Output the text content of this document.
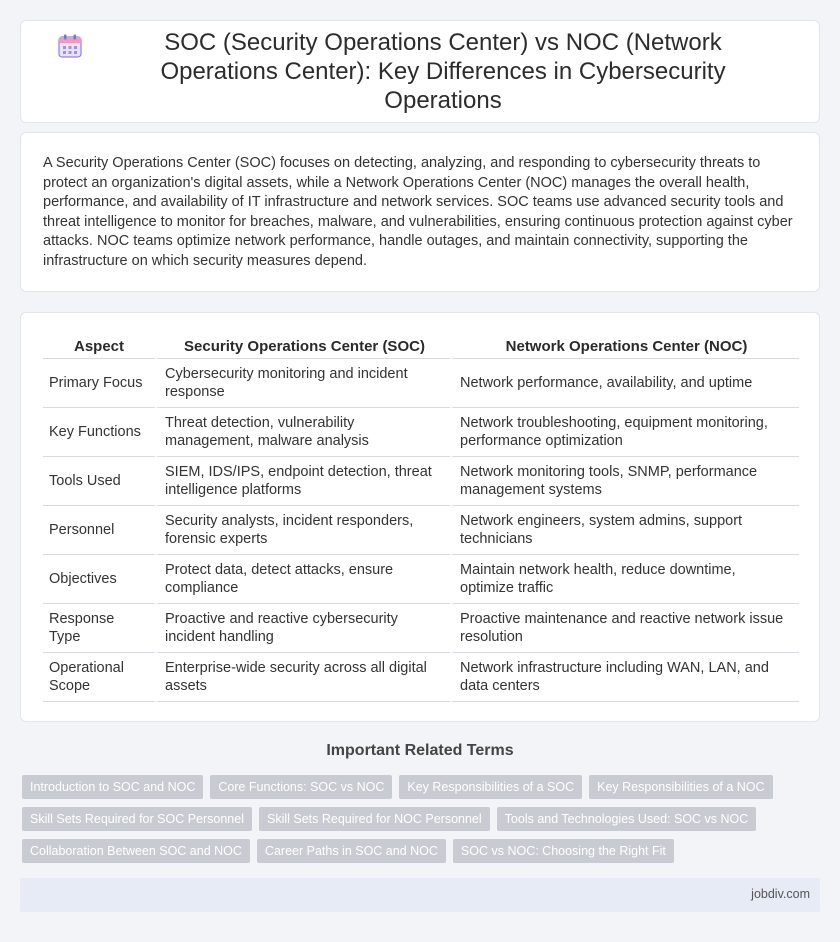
SOC (Security Operations Center) vs NOC (Network Operations Center): Key Differences in Cybersecurity Operations

A Security Operations Center (SOC) focuses on detecting, analyzing, and responding to cybersecurity threats to protect an organization's digital assets, while a Network Operations Center (NOC) manages the overall health, performance, and availability of IT infrastructure and network services. SOC teams use advanced security tools and threat intelligence to monitor for breaches, malware, and vulnerabilities, ensuring continuous protection against cyber attacks. NOC teams optimize network performance, handle outages, and maintain connectivity, supporting the infrastructure on which security measures depend.

Aspect	Security Operations Center (SOC)	Network Operations Center (NOC)
Primary Focus	Cybersecurity monitoring and incident response	Network performance, availability, and uptime
Key Functions	Threat detection, vulnerability management, malware analysis	Network troubleshooting, equipment monitoring, performance optimization
Tools Used	SIEM, IDS/IPS, endpoint detection, threat intelligence platforms	Network monitoring tools, SNMP, performance management systems
Personnel	Security analysts, incident responders, forensic experts	Network engineers, system admins, support technicians
Objectives	Protect data, detect attacks, ensure compliance	Maintain network health, reduce downtime, optimize traffic
Response Type	Proactive and reactive cybersecurity incident handling	Proactive maintenance and reactive network issue resolution
Operational Scope	Enterprise-wide security across all digital assets	Network infrastructure including WAN, LAN, and data centers
Important Related Terms
Introduction to SOC and NOC	Core Functions: SOC vs NOC	Key Responsibilities of a SOC	Key Responsibilities of a NOC
Skill Sets Required for SOC Personnel	Skill Sets Required for NOC Personnel	Tools and Technologies Used: SOC vs NOC
Collaboration Between SOC and NOC	Career Paths in SOC and NOC	SOC vs NOC: Choosing the Right Fit
jobdiv.com
